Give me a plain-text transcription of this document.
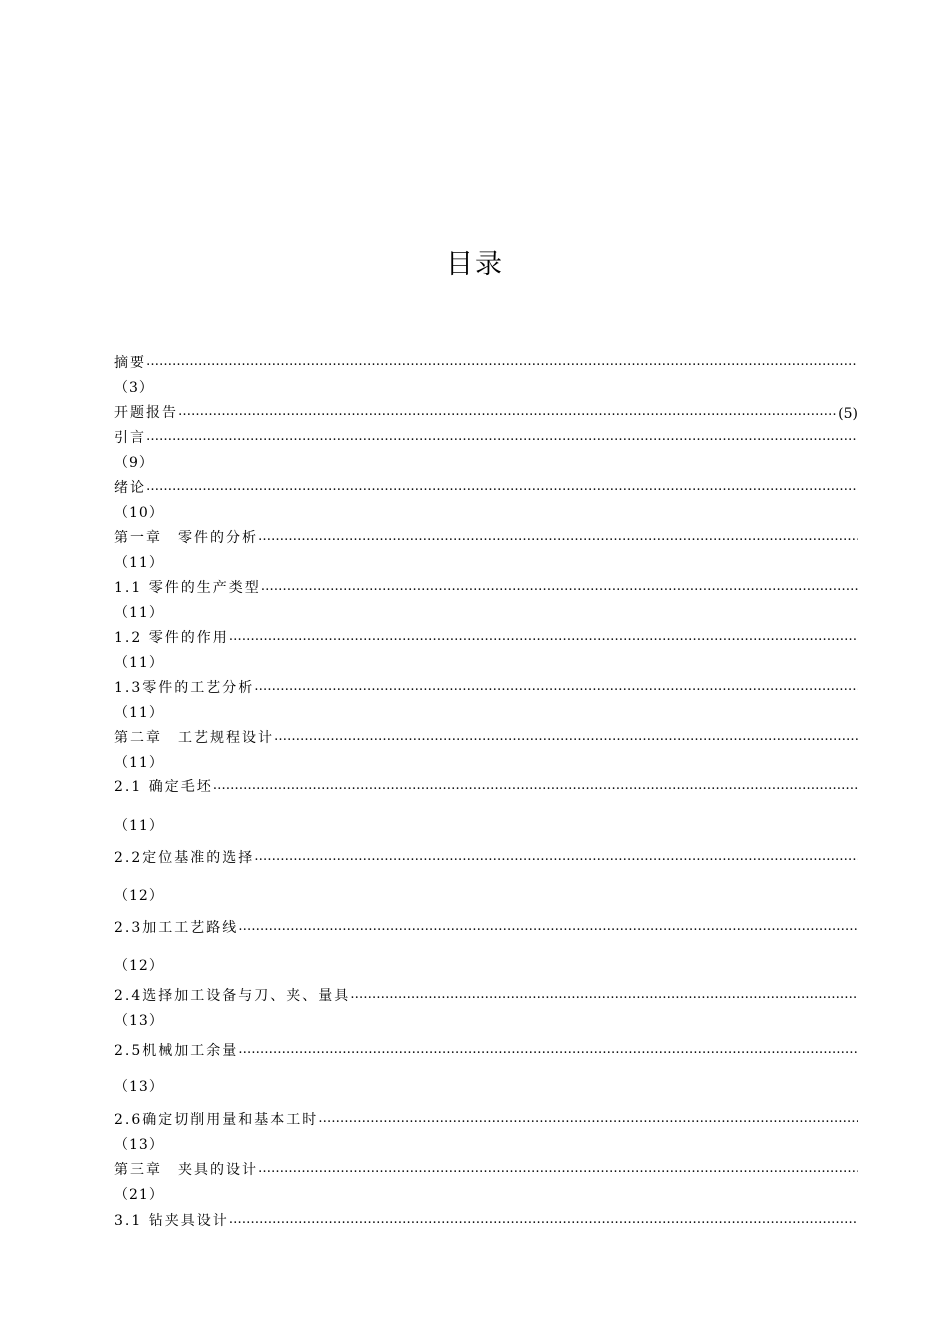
目录
摘要
…………………………………………………………………………………………………………………………………………………………………………………………
（3）
开题报告
…………………………………………………………………………………………………………………………………………………………………………………………	(5)
引言
…………………………………………………………………………………………………………………………………………………………………………………………
（9）
绪论
…………………………………………………………………………………………………………………………………………………………………………………………
（10）
第一章　零件的分析
…………………………………………………………………………………………………………………………………………………………………………………………
（11）
1.1 零件的生产类型
…………………………………………………………………………………………………………………………………………………………………………………………
（11）
1.2 零件的作用
…………………………………………………………………………………………………………………………………………………………………………………………
（11）
1.3零件的工艺分析
…………………………………………………………………………………………………………………………………………………………………………………………
（11）
第二章　工艺规程设计
…………………………………………………………………………………………………………………………………………………………………………………………
（11）
2.1 确定毛坯
…………………………………………………………………………………………………………………………………………………………………………………………
（11）
2.2定位基准的选择
…………………………………………………………………………………………………………………………………………………………………………………………
（12）
2.3加工工艺路线
…………………………………………………………………………………………………………………………………………………………………………………………
（12）
2.4选择加工设备与刀、夹、量具
…………………………………………………………………………………………………………………………………………………………………………………………
（13）
2.5机械加工余量
…………………………………………………………………………………………………………………………………………………………………………………………
（13）
2.6确定切削用量和基本工时
…………………………………………………………………………………………………………………………………………………………………………………………
（13）
第三章　夹具的设计
…………………………………………………………………………………………………………………………………………………………………………………………
（21）
3.1 钻夹具设计
…………………………………………………………………………………………………………………………………………………………………………………………
